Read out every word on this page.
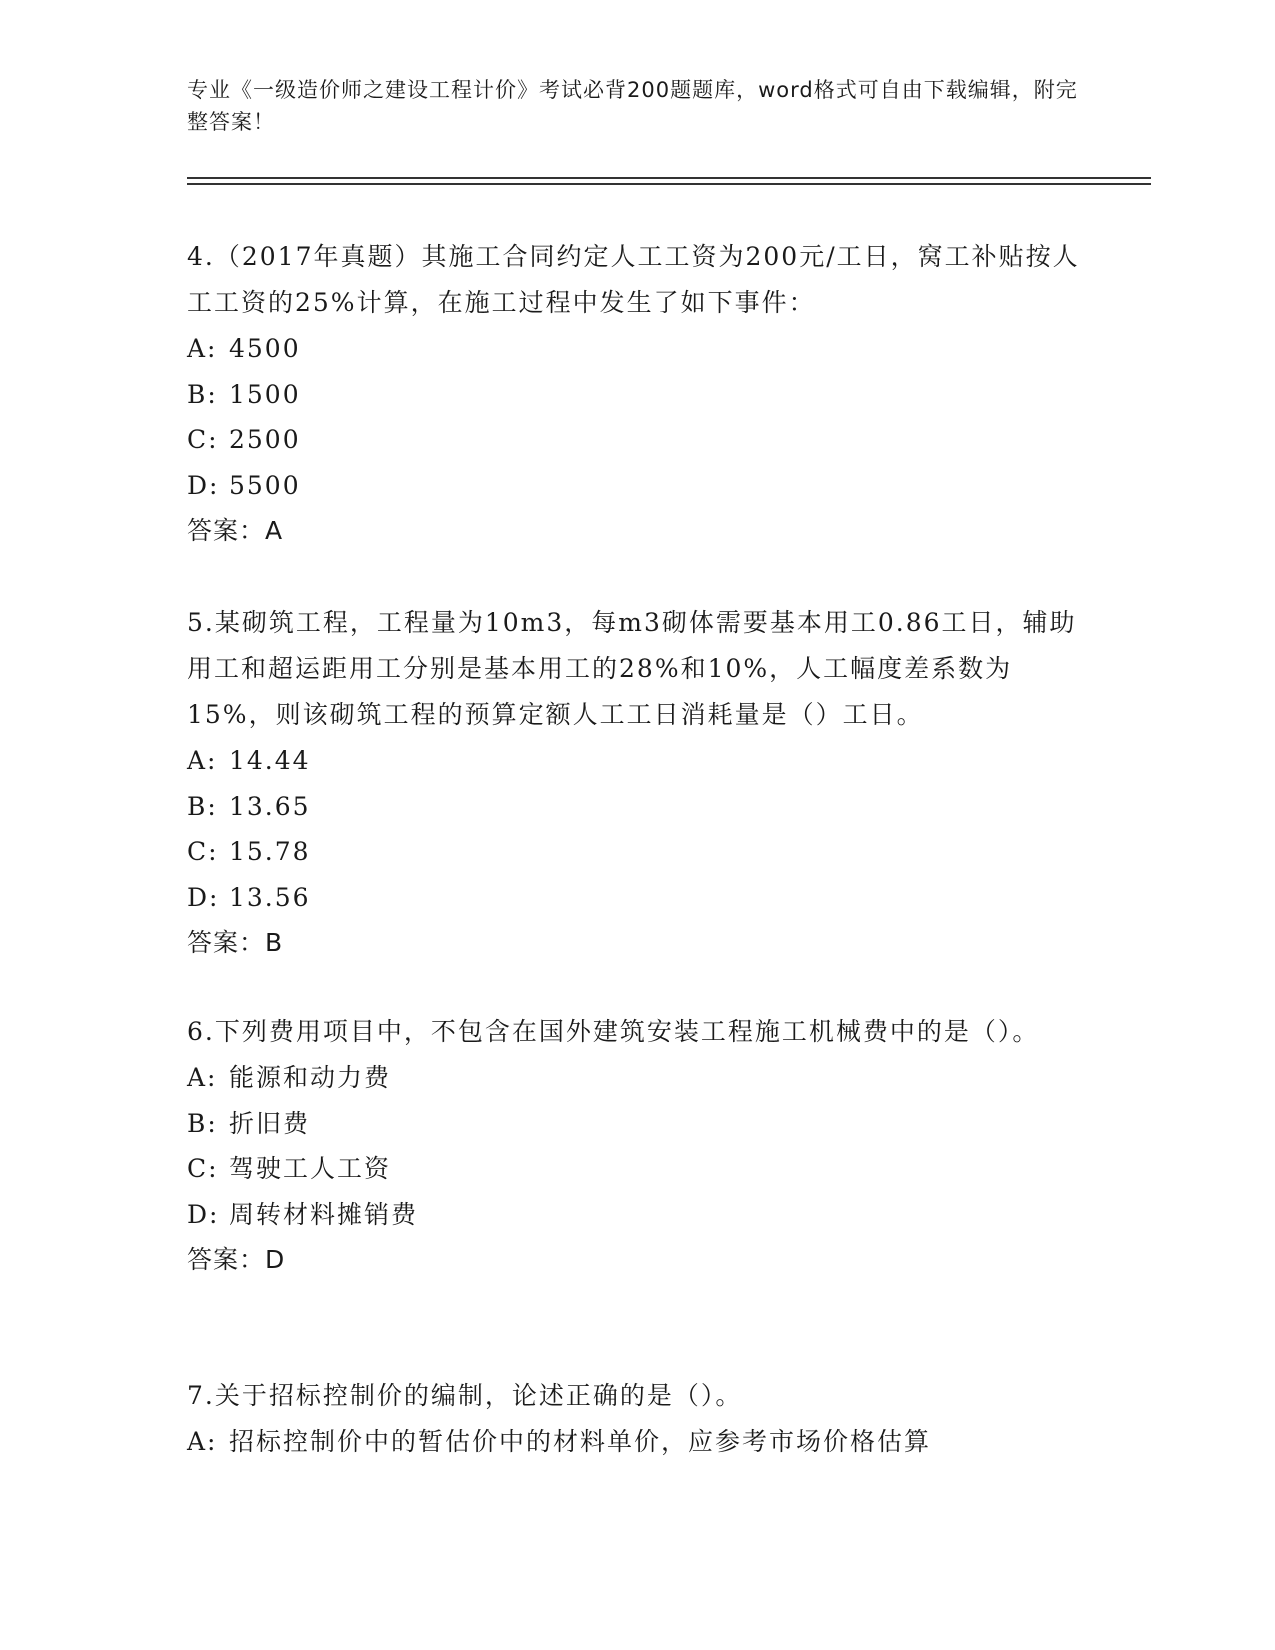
专业《一级造价师之建设工程计价》考试必背200题题库，word格式可自由下载编辑，附完整答案！

4.（2017年真题）其施工合同约定人工工资为200元/工日，窝工补贴按人工工资的25%计算，在施工过程中发生了如下事件：

A: 4500

B: 1500

C: 2500

D: 5500

答案：A

5.某砌筑工程，工程量为10m3，每m3砌体需要基本用工0.86工日，辅助用工和超运距用工分别是基本用工的28%和10%，人工幅度差系数为15%，则该砌筑工程的预算定额人工工日消耗量是（）工日。

A: 14.44

B: 13.65

C: 15.78

D: 13.56

答案：B

6.下列费用项目中，不包含在国外建筑安装工程施工机械费中的是（）。

A: 能源和动力费

B: 折旧费

C: 驾驶工人工资

D: 周转材料摊销费

答案：D

7.关于招标控制价的编制，论述正确的是（）。

A: 招标控制价中的暂估价中的材料单价，应参考市场价格估算
